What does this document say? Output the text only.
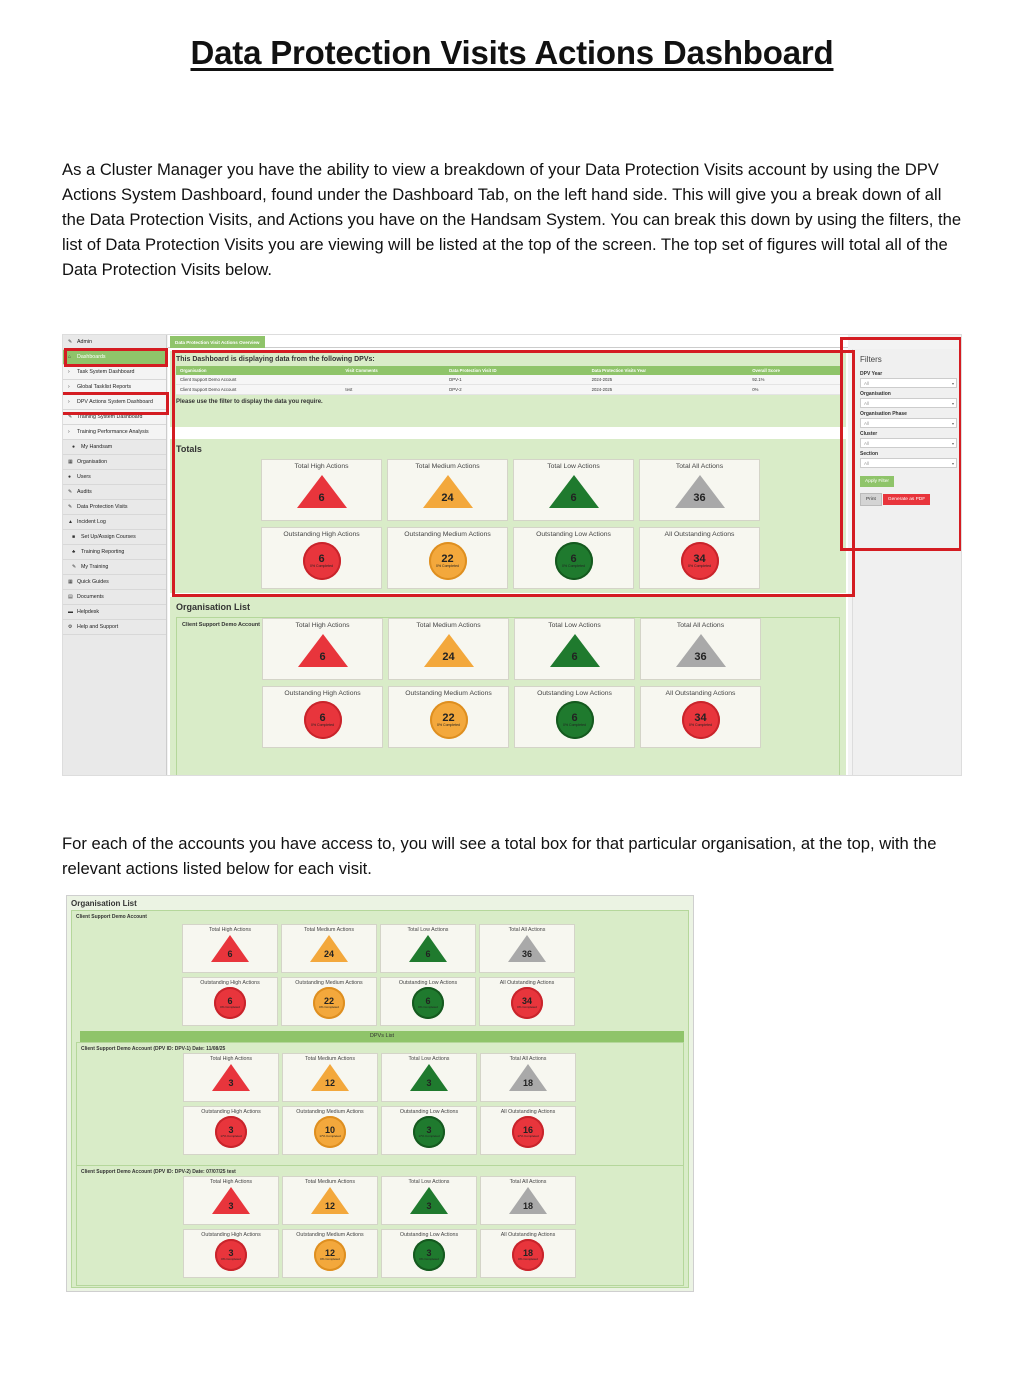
Data Protection Visits Actions Dashboard
As a Cluster Manager you have the ability to view a breakdown of your Data Protection Visits account by using the DPV Actions System Dashboard, found under the Dashboard Tab, on the left hand side. This will give you a break down of all the Data Protection Visits, and Actions you have on the Handsam System. You can break this down by using the filters, the list of Data Protection Visits you are viewing will be listed at the top of the screen. The top set of figures will total all of the Data Protection Visits below.
✎ Admin
⌂	Dashboards
›	Task System Dashboard
›	Global Tasklist Reports
›	DPV Actions System Dashboard
✎ Training System Dashboard
›	Training Performance Analysis
●	My Handsam
▦ Organisation
●	Users
✎ Audits
✎ Data Protection Visits
▲ Incident Log
■	Set Up/Assign Courses
♣	Training Reporting
✎ My Training
▦ Quick Guides
▤ Documents
▬ Helpdesk
⚙ Help and Support
Data Protection Visit Actions Overview
This Dashboard is displaying data from the following DPVs:
Organisation	Visit Comments	Data Protection Visit ID	Data Protection Visits Year	Overall Score
Client Support Demo Account		DPV-1	2024-2025	92.1%
Client Support Demo Account	test	DPV-2	2024-2025	0%
Please use the filter to display the data you require.
Totals
Total High Actions
6
Total Medium Actions
24
Total Low Actions
6
Total All Actions
36
Outstanding High Actions
6
0% Completed
Outstanding Medium Actions
22
0% Completed
Outstanding Low Actions
6
0% Completed
All Outstanding Actions
34
0% Completed
Organisation List
Client Support Demo Account	Total High Actions
6
Total Medium Actions
24
Total Low Actions
6
Total All Actions
36
Outstanding High Actions
6
0% Completed
Outstanding Medium Actions
22
0% Completed
Outstanding Low Actions
6
0% Completed
All Outstanding Actions
34
0% Completed
Filters
DPV Year
All	▾
Organisation
All	▾
Organisation Phase
All	▾
Cluster
All	▾
Section
All	▾
Apply Filter
Print	Generate as PDF
For each of the accounts you have access to, you will see a total box for that particular organisation, at the top, with the relevant actions listed below for each visit.
Organisation List
Client Support Demo Account
Total High Actions
6
Total Medium Actions
24
Total Low Actions
6
Total All Actions
36
Outstanding High Actions
6
0% Completed
Outstanding Medium Actions
22
0% Completed
Outstanding Low Actions
6
0% Completed
All Outstanding Actions
34
0% Completed
DPVs List
Client Support Demo Account (DPV ID: DPV-1) Date: 11/08/25
Total High Actions
3
Total Medium Actions
12
Total Low Actions
3
Total All Actions
18
Outstanding High Actions
3
17% Completed
Outstanding Medium Actions
10
17% Completed
Outstanding Low Actions
3
17% Completed
All Outstanding Actions
16
17% Completed
Client Support Demo Account (DPV ID: DPV-2) Date: 07/07/25 test
Total High Actions
3
Total Medium Actions
12
Total Low Actions
3
Total All Actions
18
Outstanding High Actions
3
0% Completed
Outstanding Medium Actions
12
0% Completed
Outstanding Low Actions
3
0% Completed
All Outstanding Actions
18
0% Completed
